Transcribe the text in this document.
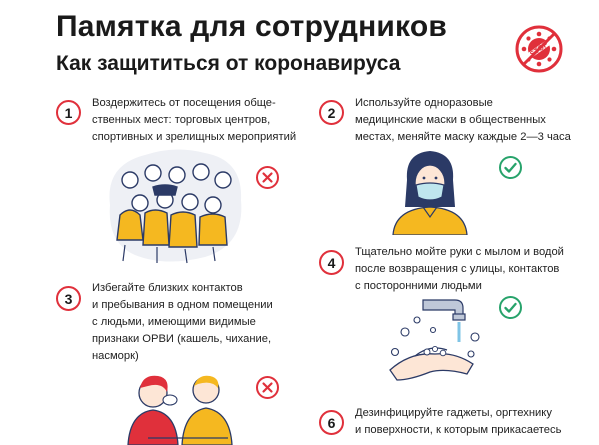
Памятка для сотрудников
Как защититься от коронавируса
1
Воздержитесь от посещения обще-
ственных мест: торговых центров,
спортивных и зрелищных мероприятий
2
Используйте одноразовые
медицинские маски в общественных
местах, меняйте маску каждые 2—3 часа
3
Избегайте близких контактов
и пребывания в одном помещении
с людьми, имеющими видимые
признаки ОРВИ (кашель, чихание,
насморк)
4
Тщательно мойте руки с мылом и водой
после возвращения с улицы, контактов
с посторонними людьми
6
Дезинфицируйте гаджеты, оргтехнику
и поверхности, к которым прикасаетесь
